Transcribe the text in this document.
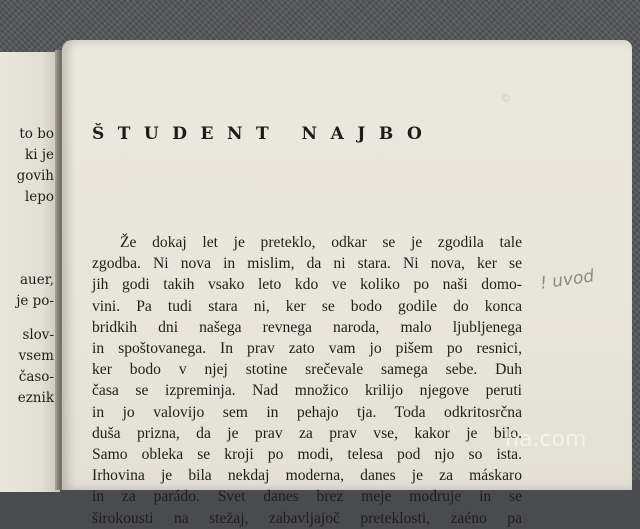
to bo
ki je
govih
lepo
auer,
je po-
slov-
vsem
časo-
eznik
©
ŠTUDENT NAJBO
Že dokaj let je preteklo, odkar se je zgodila tale
zgodba. Ni nova in mislim, da ni stara. Ni nova, ker se
jih godi takih vsako leto kdo ve koliko po naši domo-
vini. Pa tudi stara ni, ker se bodo godile do konca
bridkih dni našega revnega naroda, malo ljubljenega
in spoštovanega. In prav zato vam jo pišem po resnici,
ker bodo v njej stotine srečevale samega sebe. Duh
časa se izpreminja. Nad množico krilijo njegove peruti
in jo valovijo sem in pehajo tja. Toda odkritosrčna
duša prizna, da je prav za prav vse, kakor je bilo.
Samo obleka se kroji po modi, telesa pod njo so ista.
Irhovina je bila nekdaj moderna, danes je za máskaro
in za parádo. Svet danes brez meje modruje in se
širokousti na stežaj, zabavljajoč preteklosti, zaéno pa
! uvod
ha.com
